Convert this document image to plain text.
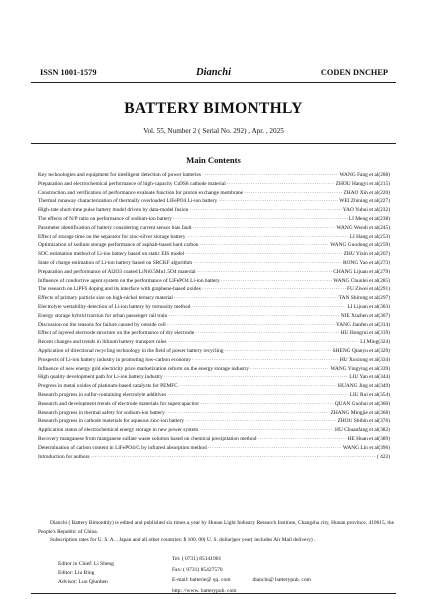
ISSN 1001-1579	Dianchi	CODEN DNCHEP
BATTERY BIMONTHLY
Vol. 55, Number 2 ( Serial No. 292) , Apr. , 2025
Main Contents
Key technologies and equipment for intelligent detection of power batteries ·····	WANG Fang et al(208)
Preparation and electrochemical performance of high-capacity Cu9S8 cathode material ·····	ZHOU Hangyi et al(215)
Construction and verification of performance evaluate function for proton exchange membrane ·····	ZHAO Xin et al(220)
Thermal runaway characterization of thermally overloaded LiFePO4 Li-ion battery ·····	WEI Zhining et al(227)
High-rate short-time pulse battery model driven by data-model fusion ·····	YAO Yuhui et al(232)
The effects of N/P ratio on performance of sodium-ion battery ·····	LI Meng et al(238)
Parameter identification of battery considering current sensor bias fault ·····	WANG Wendi et al(245)
Effect of storage time on the separator for zinc-silver storage battery ·····	LI Hang et al(253)
Optimization of sodium storage performance of asphalt-based hard carbon ·····	WANG Guodong et al(259)
SOC estimation method of Li-ion battery based on static EIS model ·····	ZHU Yixin et al(267)
State of charge estimation of Li-ion battery based on SRCKF algorithm ·····	RONG Yao et al(273)
Preparation and performance of Al2O3 coated LiNi0.5Mn1.5O4 material ·····	CHANG Lijuan et al(279)
Influence of conductive agent system on the performance of LiFePO4 Li-ion battery ·····	WANG Chunlei et al(285)
The research on LiPF6 doping and its interface with graphene-based oxides ·····	FU Ziwei et al(291)
Effects of primary particle size on high-nickel ternary material ·····	TAN Shirong et al(297)
Electrolyte wettability detection of Li-ion battery by tortuosity method ·····	LI Lijuan et al(303)
Energy storage hybrid traction for urban passenger rail train ·····	NIE Xuzhen et al(307)
Discussion on the reasons for failure caused by outside cell ·····	YANG Jianfen et al(314)
Effect of layered electrode structure on the performance of dry electrode ·····	HU Hongrui et al(319)
Recent changes and trends in lithium battery transport rules ·····	LI Ming(324)
Application of directional recycling technology in the field of power battery recycling ·····	SHENG Qianyu et al(329)
Prospects of Li-ion battery industry in promoting low-carbon economy ·····	HU Xuxiong et al(334)
Influence of new energy grid electricity price marketization reform on the energy storage industry ·····	WANG Yingying et al(339)
High quality development path for Li-ion battery industry ·····	LIU Yan et al(344)
Progress in metal oxides of platinum-based catalysts for PEMFC ·····	HUANG Jing et al(349)
Research progress in sulfur-containing electrolyte additives ·····	LIU Rui et al(354)
Research and development trends of electrode materials for supercapacitor ·····	QUAN Guohui et al(360)
Research progress in thermal safety for sodium-ion battery ·····	ZHANG Mingjie et al(368)
Research progress in cathode materials for aqueous zinc-ion battery ·····	ZHOU Shibin et al(376)
Application status of electrochemical energy storage in new power system ·····	HU Chuanfang et al(382)
Recovery manganese from manganese sulfate waste solution based on chemical precipitation method ·····	HE Huan et al(389)
Determination of carbon content in LiFePO4/C by infrared absorption method ·····	WANG Lin et al(396)
Introduction for authors ·····	( 422)

Dianchi ( Battery Bimonthly) is edited and published six times a year by Hunan Light Industry Research Institute, Changsha city, Hunan province, 410015, the People's Republic of China.

Subscription rates for U. S. A. , Japan and all other countries: $ 100. 00( U. S. dollar)per year( includes Air Mail delivery) .

Editor in Chief: Li Sheng
Editor: Liu Bing
Advisor: Luo Qiunhen
Tel: ( 0731) 85141901
Fax: ( 0731) 85427570
E-mail: batterie@ qq. com	dianchi@ batterypub. com
http: //www. batterypub. com
